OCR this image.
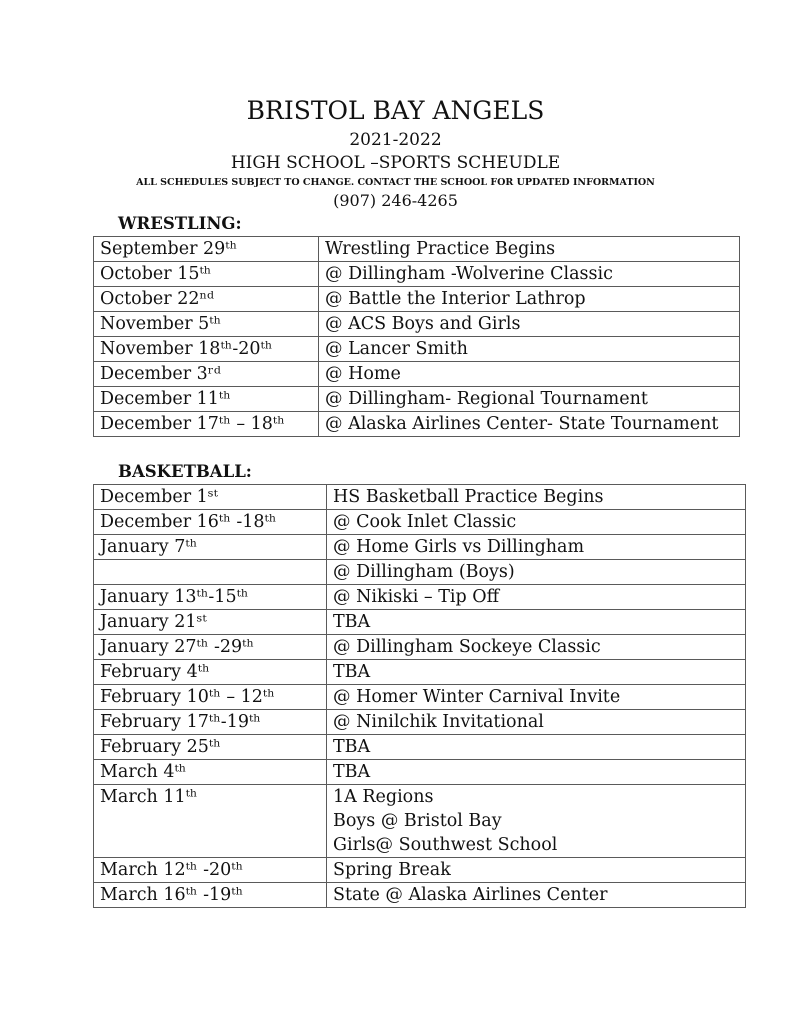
BRISTOL BAY ANGELS
2021-2022
HIGH SCHOOL –SPORTS SCHEUDLE
ALL SCHEDULES SUBJECT TO CHANGE. CONTACT THE SCHOOL FOR UPDATED INFORMATION
(907) 246-4265
WRESTLING:
September 29ᵗʰ	Wrestling Practice Begins
October 15ᵗʰ	@ Dillingham -Wolverine Classic
October 22ⁿᵈ	@ Battle the Interior Lathrop
November 5ᵗʰ	@ ACS Boys and Girls
November 18ᵗʰ-20ᵗʰ	@ Lancer Smith
December 3ʳᵈ	@ Home
December 11ᵗʰ	@ Dillingham- Regional Tournament
December 17ᵗʰ – 18ᵗʰ	@ Alaska Airlines Center- State Tournament
BASKETBALL:
December 1ˢᵗ	HS Basketball Practice Begins
December 16ᵗʰ -18ᵗʰ	@ Cook Inlet Classic
January 7ᵗʰ	@ Home Girls vs Dillingham
	@ Dillingham (Boys)
January 13ᵗʰ-15ᵗʰ	@ Nikiski – Tip Off
January 21ˢᵗ	TBA
January 27ᵗʰ -29ᵗʰ	@ Dillingham Sockeye Classic
February 4ᵗʰ	TBA
February 10ᵗʰ – 12ᵗʰ	@ Homer Winter Carnival Invite
February 17ᵗʰ-19ᵗʰ	@ Ninilchik Invitational
February 25ᵗʰ	TBA
March 4ᵗʰ	TBA
March 11ᵗʰ	1A Regions
Boys @ Bristol Bay
Girls@ Southwest School

March 12ᵗʰ -20ᵗʰ	Spring Break
March 16ᵗʰ -19ᵗʰ	State @ Alaska Airlines Center
